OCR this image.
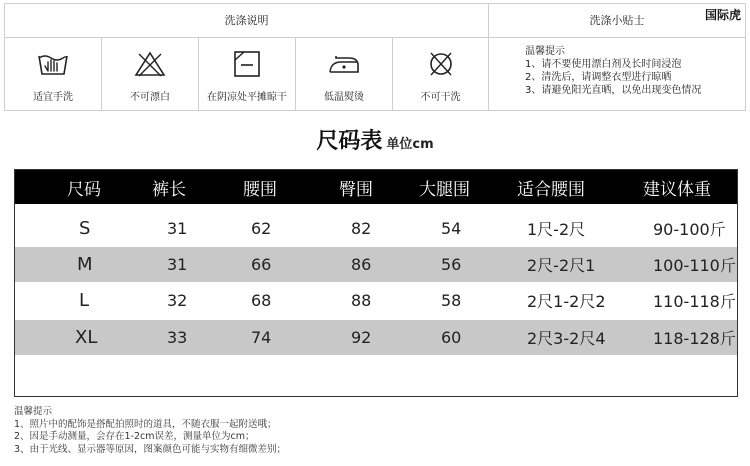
洗涤说明	洗涤小贴士	国际虎
适宜手洗	不可漂白	在阴凉处平摊晾干	低温熨烫	不可干洗
温馨提示
1、请不要使用漂白剂及长时间浸泡
2、清洗后，请调整衣型进行晾晒
3、请避免阳光直晒，以免出现变色情况
尺码表 单位cm
尺码	裤长	腰围	臀围	大腿围	适合腰围	建议体重
S	31	62	82	54	1尺-2尺	90-100斤
M	31	66	86	56	2尺-2尺1	100-110斤
L	32	68	88	58	2尺1-2尺2	110-118斤
XL	33	74	92	60	2尺3-2尺4	118-128斤
温馨提示
1、照片中的配饰是搭配拍照时的道具，不随衣服一起附送哦；
2、因是手动测量，会存在1-2cm误差，测量单位为cm；
3、由于光线、显示器等原因，图案颜色可能与实物有细微差别；
